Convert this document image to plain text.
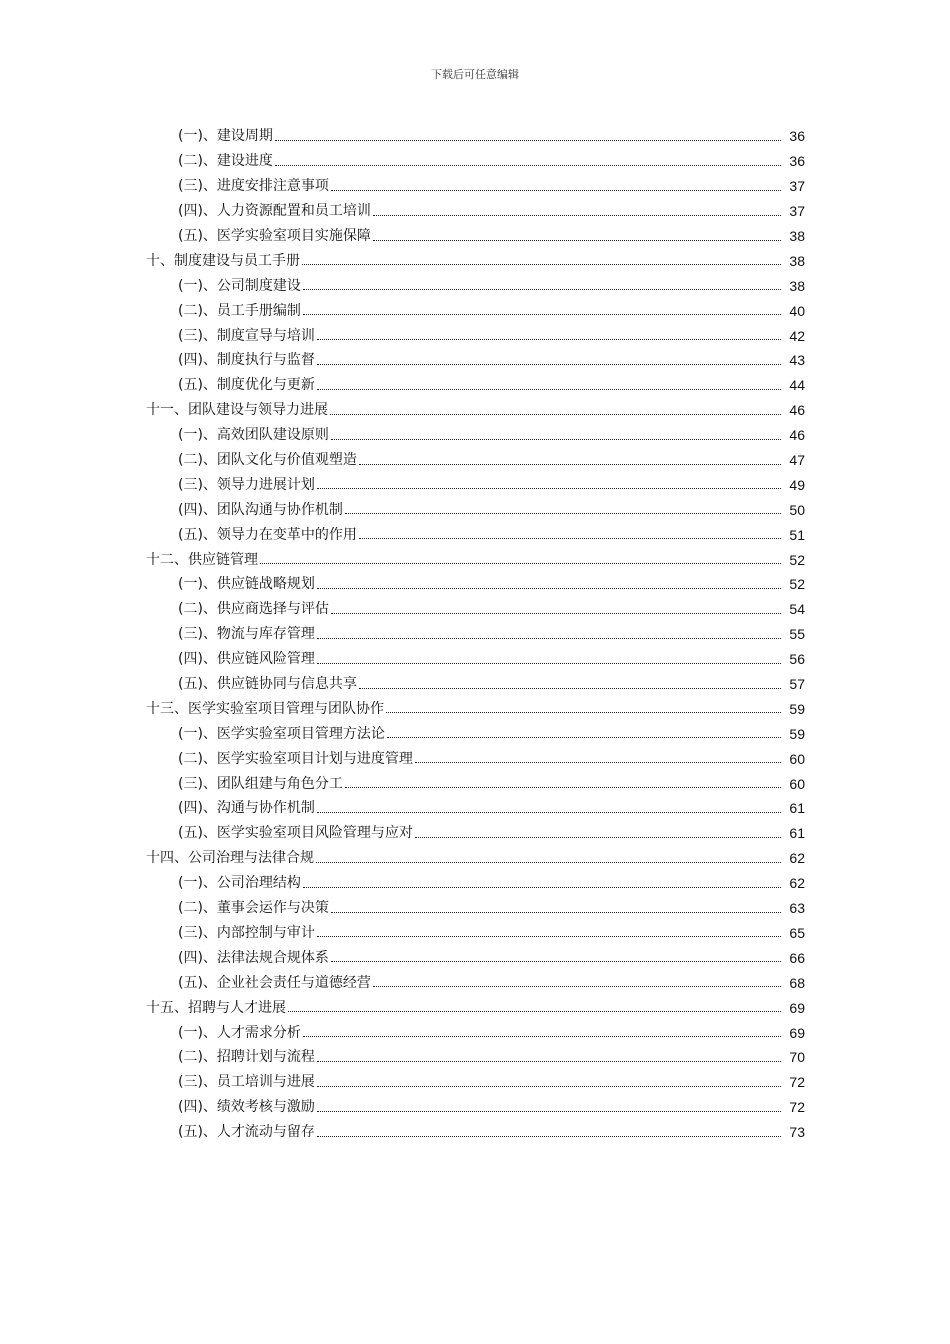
下载后可任意编辑
(一)、建设周期	36
(二)、建设进度	36
(三)、进度安排注意事项	37
(四)、人力资源配置和员工培训	37
(五)、医学实验室项目实施保障	38
十、制度建设与员工手册	38
(一)、公司制度建设	38
(二)、员工手册编制	40
(三)、制度宣导与培训	42
(四)、制度执行与监督	43
(五)、制度优化与更新	44
十一、团队建设与领导力进展	46
(一)、高效团队建设原则	46
(二)、团队文化与价值观塑造	47
(三)、领导力进展计划	49
(四)、团队沟通与协作机制	50
(五)、领导力在变革中的作用	51
十二、供应链管理	52
(一)、供应链战略规划	52
(二)、供应商选择与评估	54
(三)、物流与库存管理	55
(四)、供应链风险管理	56
(五)、供应链协同与信息共享	57
十三、医学实验室项目管理与团队协作	59
(一)、医学实验室项目管理方法论	59
(二)、医学实验室项目计划与进度管理	60
(三)、团队组建与角色分工	60
(四)、沟通与协作机制	61
(五)、医学实验室项目风险管理与应对	61
十四、公司治理与法律合规	62
(一)、公司治理结构	62
(二)、董事会运作与决策	63
(三)、内部控制与审计	65
(四)、法律法规合规体系	66
(五)、企业社会责任与道德经营	68
十五、招聘与人才进展	69
(一)、人才需求分析	69
(二)、招聘计划与流程	70
(三)、员工培训与进展	72
(四)、绩效考核与激励	72
(五)、人才流动与留存	73
